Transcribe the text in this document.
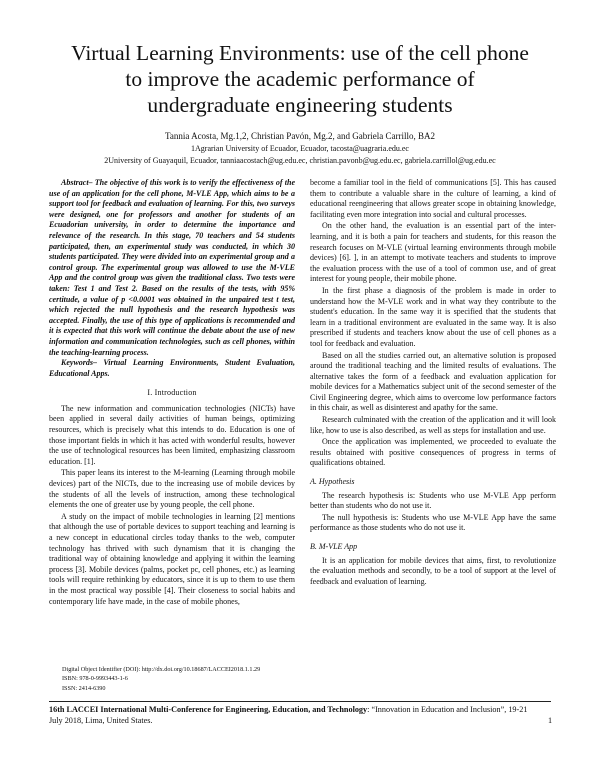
Virtual Learning Environments: use of the cell phone
to improve the academic performance of
undergraduate engineering students
Tannia Acosta, Mg.1,2, Christian Pavón, Mg.2, and Gabriela Carrillo, BA2
1Agrarian University of Ecuador, Ecuador, tacosta@uagraria.edu.ec
2University of Guayaquil, Ecuador, tanniaacostach@ug.edu.ec, christian.pavonb@ug.edu.ec, gabriela.carrillol@ug.edu.ec

Abstract– The objective of this work is to verify the effectiveness of the use of an application for the cell phone, M-VLE App, which aims to be a support tool for feedback and evaluation of learning. For this, two surveys were designed, one for professors and another for students of an Ecuadorian university, in order to determine the importance and relevance of the research. In this stage, 70 teachers and 54 students participated, then, an experimental study was conducted, in which 30 students participated. They were divided into an experimental group and a control group. The experimental group was allowed to use the M-VLE App and the control group was given the traditional class. Two tests were taken: Test 1 and Test 2. Based on the results of the tests, with 95% certitude, a value of p <0.0001 was obtained in the unpaired test t test, which rejected the null hypothesis and the research hypothesis was accepted. Finally, the use of this type of applications is recommended and it is expected that this work will continue the debate about the use of new information and communication technologies, such as cell phones, within the teaching-learning process.

Keywords– Virtual Learning Environments, Student Evaluation, Educational Apps.

I. Introduction

The new information and communication technologies (NICTs) have been applied in several daily activities of human beings, optimizing resources, which is precisely what this intends to do. Education is one of those important fields in which it has acted with wonderful results, however the use of technological resources has been limited, emphasizing classroom education. [1].

This paper leans its interest to the M-learning (Learning through mobile devices) part of the NICTs, due to the increasing use of mobile devices by the students of all the levels of instruction, among these technological elements the one of greater use by young people, the cell phone.

A study on the impact of mobile technologies in learning [2] mentions that although the use of portable devices to support teaching and learning is a new concept in educational circles today thanks to the web, computer technology has thrived with such dynamism that it is changing the traditional way of obtaining knowledge and applying it within the learning process [3]. Mobile devices (palms, pocket pc, cell phones, etc.) as learning tools will require rethinking by educators, since it is up to them to use them in the most practical way possible [4]. Their closeness to social habits and contemporary life have made, in the case of mobile phones,

become a familiar tool in the field of communications [5]. This has caused them to contribute a valuable share in the culture of learning, a kind of educational reengineering that allows greater scope in obtaining knowledge, facilitating even more integration into social and cultural processes.

On the other hand, the evaluation is an essential part of the inter-learning, and it is both a pain for teachers and students, for this reason the research focuses on M-VLE (virtual learning environments through mobile devices) [6]. ], in an attempt to motivate teachers and students to improve the evaluation process with the use of a tool of common use, and of great interest for young people, their mobile phone.

In the first phase a diagnosis of the problem is made in order to understand how the M-VLE work and in what way they contribute to the student's education. In the same way it is specified that the students that learn in a traditional environment are evaluated in the same way. It is also prescribed if students and teachers know about the use of cell phones as a tool for feedback and evaluation.

Based on all the studies carried out, an alternative solution is proposed around the traditional teaching and the limited results of evaluations. The alternative takes the form of a feedback and evaluation application for mobile devices for a Mathematics subject unit of the second semester of the Civil Engineering degree, which aims to overcome low performance factors in this chair, as well as disinterest and apathy for the same.

Research culminated with the creation of the application and it will look like, how to use is also described, as well as steps for installation and use.

Once the application was implemented, we proceeded to evaluate the results obtained with positive consequences of progress in terms of qualifications obtained.

A. Hypothesis

The research hypothesis is: Students who use M-VLE App perform better than students who do not use it.

The null hypothesis is: Students who use M-VLE App have the same performance as those students who do not use it.

B. M-VLE App

It is an application for mobile devices that aims, first, to revolutionize the evaluation methods and secondly, to be a tool of support at the level of feedback and evaluation of learning.

Digital Object Identifier (DOI): http://dx.doi.org/10.18687/LACCEI2018.1.1.29
ISBN: 978-0-9993443-1-6
ISSN: 2414-6390
16th LACCEI International Multi-Conference for Engineering, Education, and Technology: “Innovation in Education and Inclusion”, 19-21 July 2018, Lima, United States.	1
